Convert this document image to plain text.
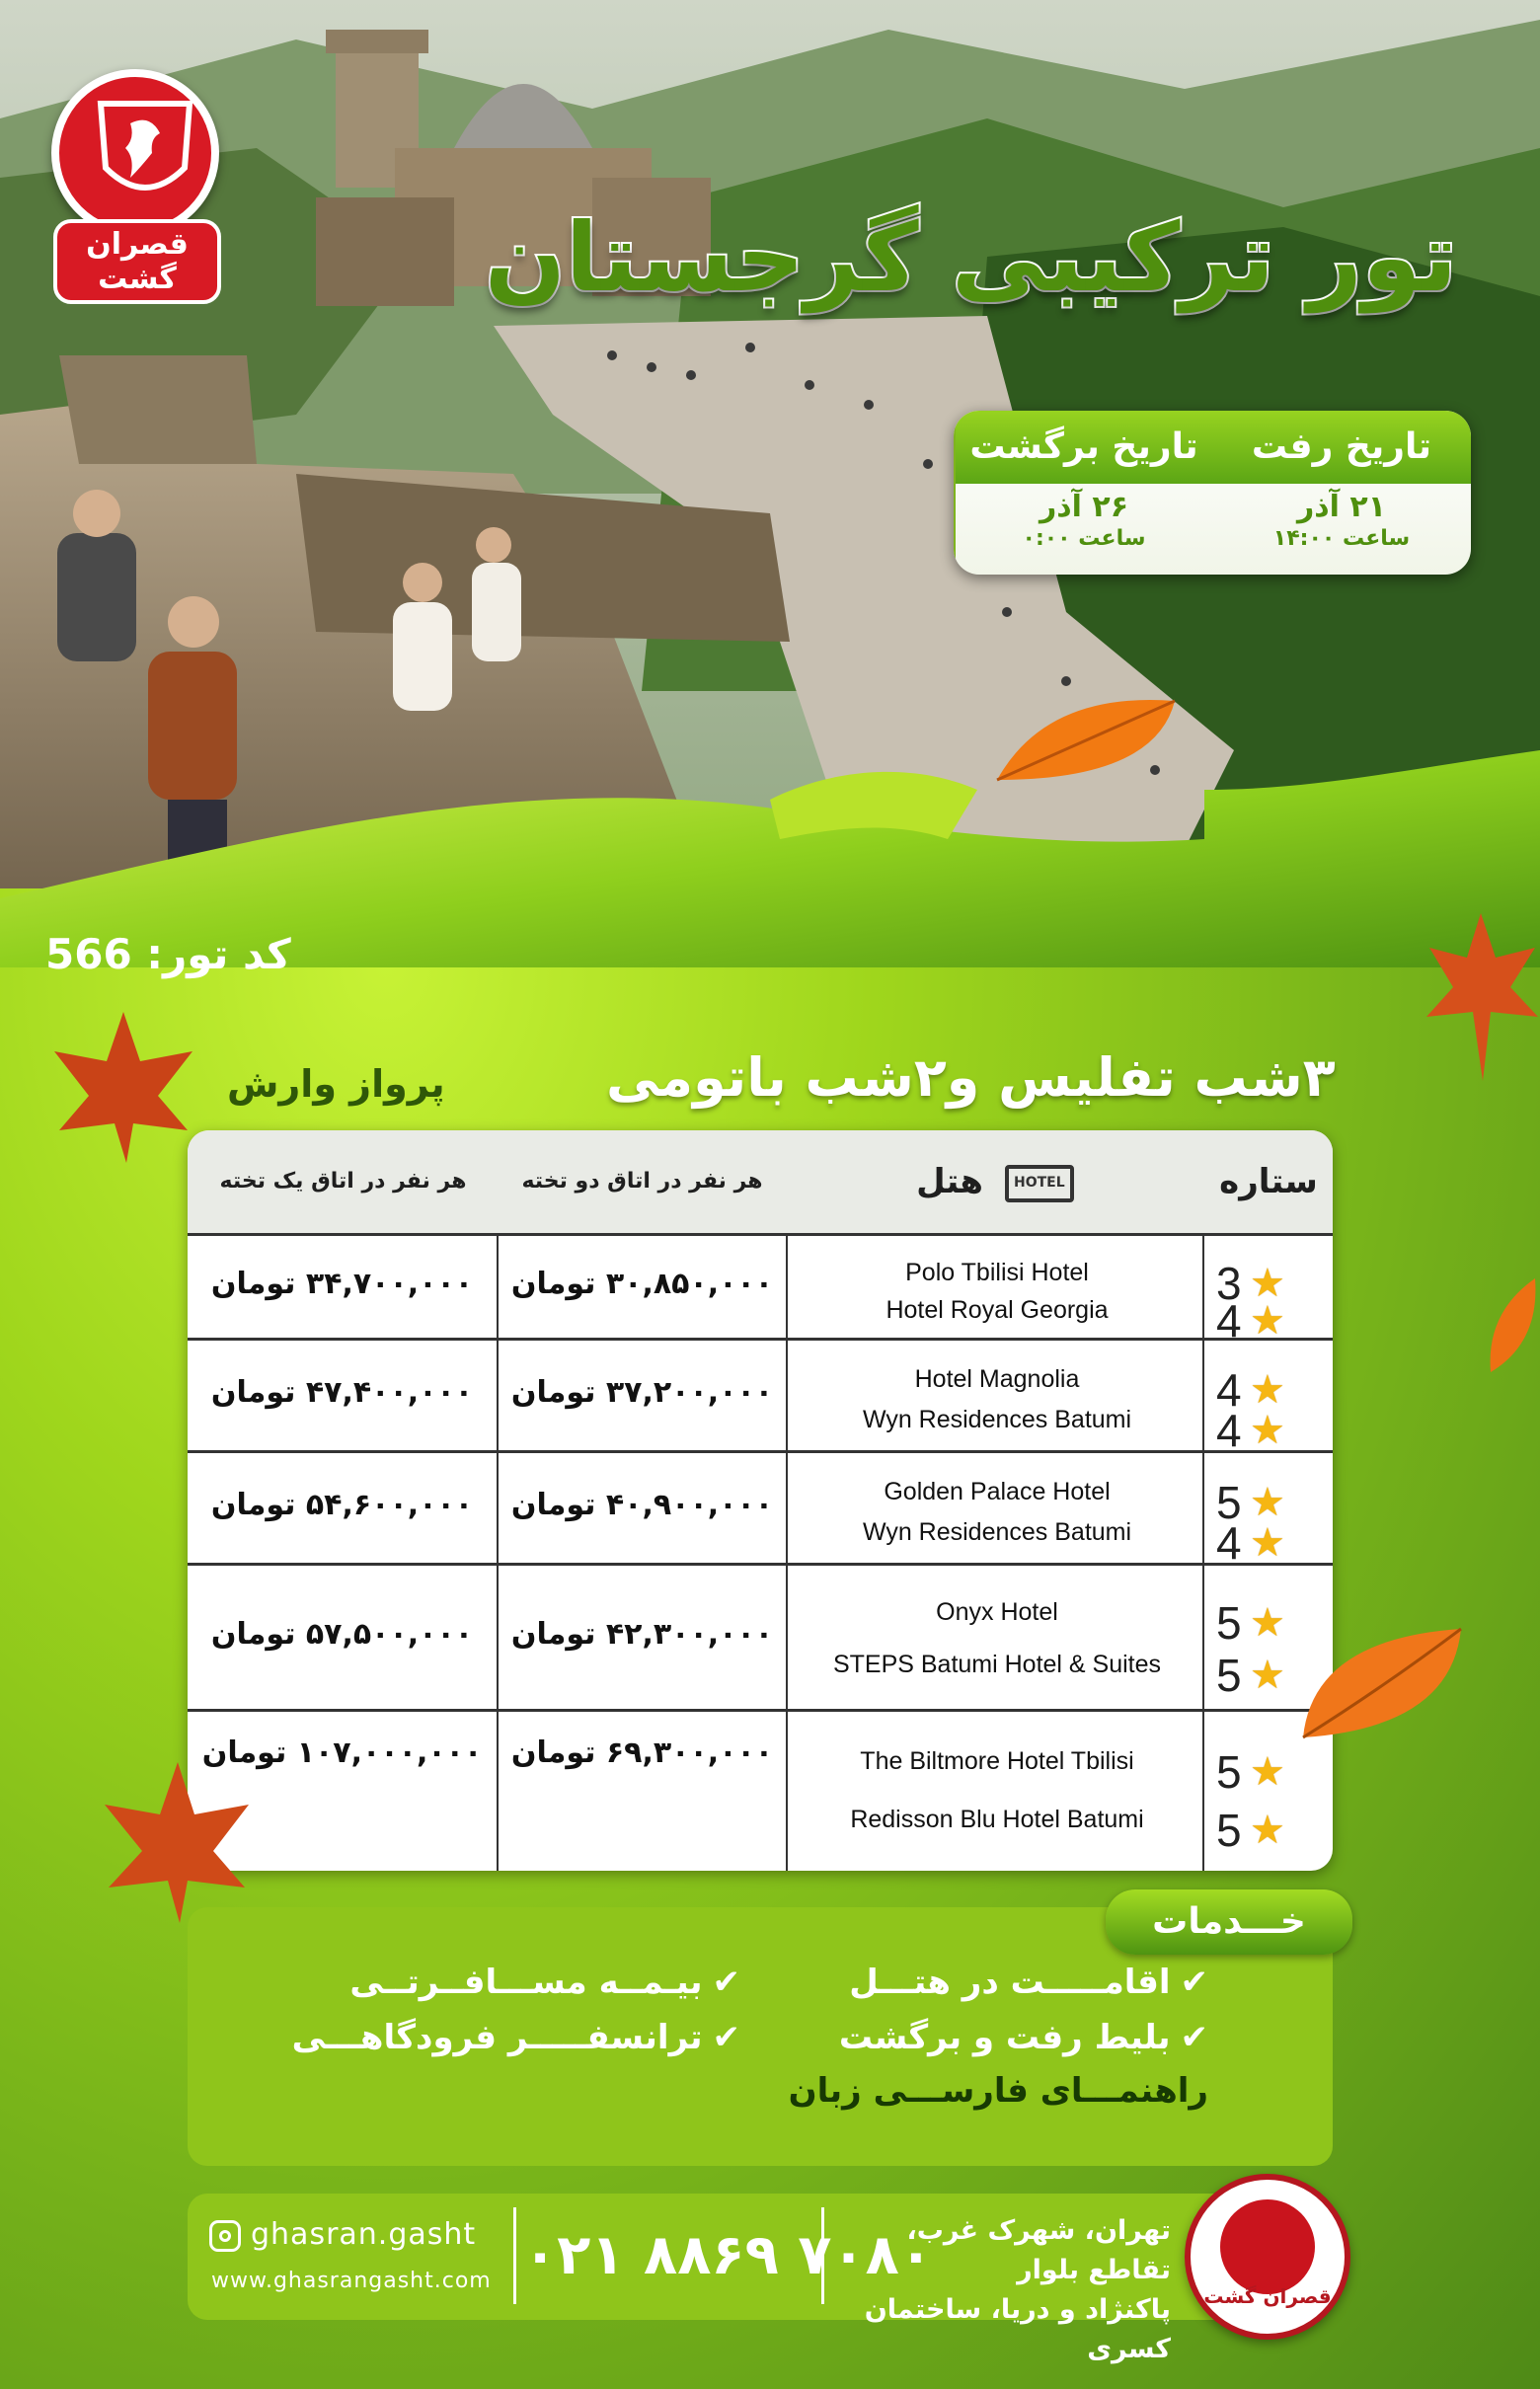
قصران گشت	تور ترکیبی گرجستان
تاریخ رفت
۲۱ آذر
ساعت ۱۴:۰۰
تاریخ برگشت
۲۶ آذر
ساعت ۰:۰۰
کد تور: 566
پرواز وارش	۳شب تفلیس و۲شب باتومی
ستاره
HOTEL هتل
هر نفر در اتاق دو تخته
هر نفر در اتاق یک تخته
۳۴,۷۰۰,۰۰۰ تومان	۳۰,۸۵۰,۰۰۰ تومان	Polo Tbilisi Hotel
Hotel Royal Georgia
3 ★
4 ★
۴۷,۴۰۰,۰۰۰ تومان	۳۷,۲۰۰,۰۰۰ تومان	Hotel Magnolia
Wyn Residences Batumi
4 ★
4 ★
۵۴,۶۰۰,۰۰۰ تومان	۴۰,۹۰۰,۰۰۰ تومان	Golden Palace Hotel
Wyn Residences Batumi
5 ★
4 ★
۵۷,۵۰۰,۰۰۰ تومان	۴۲,۳۰۰,۰۰۰ تومان
Onyx Hotel
STEPS Batumi Hotel & Suites
5 ★
5 ★
۱۰۷,۰۰۰,۰۰۰ تومان ۶۹,۳۰۰,۰۰۰ تومان	The Biltmore Hotel Tbilisi
Redisson Blu Hotel Batumi
5 ★
5 ★
خـــدمات
✔اقامـــــت در هتـــل
✔بلیط رفت و برگشت
راهنمـــای فارســـی زبان
✔بیـمــه مســـافــرتــی
✔ترانسفـــــر فرودگاهـــی
قصران گشت
تهران، شهرک غرب، تقاطع بلوار
پاکنژاد و دریا، ساختمان کسری
۰۲۱ ۸۸۶۹ ۷۰۸۰
ghasran.gasht
www.ghasrangasht.com
